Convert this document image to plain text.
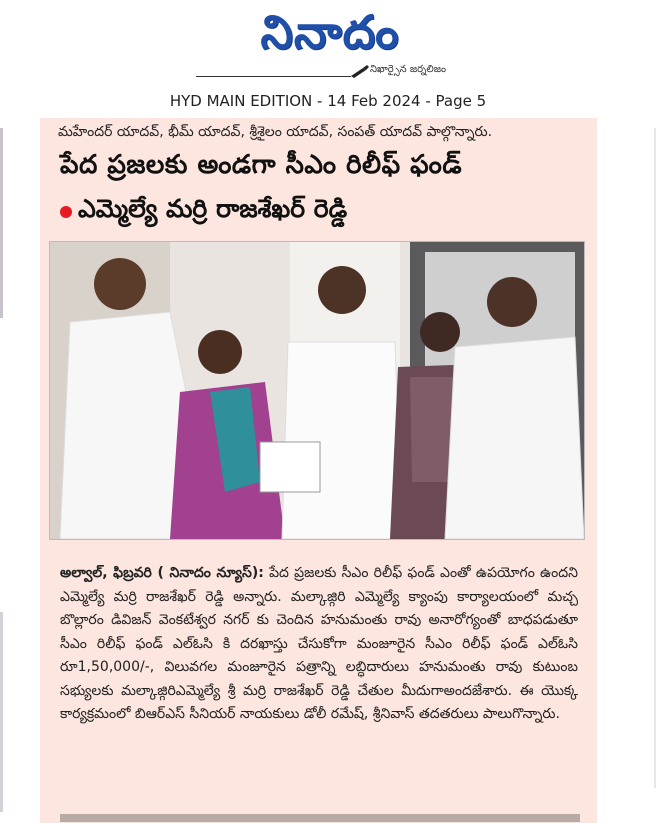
నినాదం
నిఖార్సైన జర్నలిజం
HYD MAIN EDITION - 14 Feb 2024 - Page 5
మహేందర్ యాదవ్, భీమ్ యాదవ్, శ్రీశైలం యాదవ్, సంపత్ యాదవ్ పాల్గొన్నారు.
పేద ప్రజలకు అండగా సీఎం రిలీఫ్ ఫండ్
ఎమ్మెల్యే మర్రి రాజశేఖర్ రెడ్డి
అల్వాల్, ఫిబ్రవరి ( నినాదం న్యూస్): పేద ప్రజలకు సీఎం రిలీఫ్ ఫండ్ ఎంతో ఉపయోగం ఉందని ఎమ్మెల్యే మర్రి రాజశేఖర్ రెడ్డి అన్నారు. మల్కాజ్గిరి ఎమ్మెల్యే క్యాంపు కార్యాలయంలో మచ్చ బొల్లారం డివిజన్ వెంకటేశ్వర నగర్ కు చెందిన హనుమంతు రావు అనారోగ్యంతో బాధపడుతూ సీఎం రిలీఫ్ ఫండ్ ఎల్ఓసి కి దరఖాస్తు చేసుకోగా మంజూరైన సీఎం రిలీఫ్ ఫండ్ ఎల్ఓసి రూ1,50,000/-, విలువగల మంజూరైన పత్రాన్ని లబ్ధిదారులు హనుమంతు రావు కుటుంబ సభ్యులకు మల్కాజ్గిరిఎమ్మెల్యే శ్రీ మర్రి రాజశేఖర్ రెడ్డి చేతుల మీదుగాఅందజేశారు. ఈ యొక్క కార్యక్రమంలో బిఆర్ఎస్ సీనియర్ నాయకులు డోలీ రమేష్, శ్రీనివాస్ తదతరులు పాలుగొన్నారు.
